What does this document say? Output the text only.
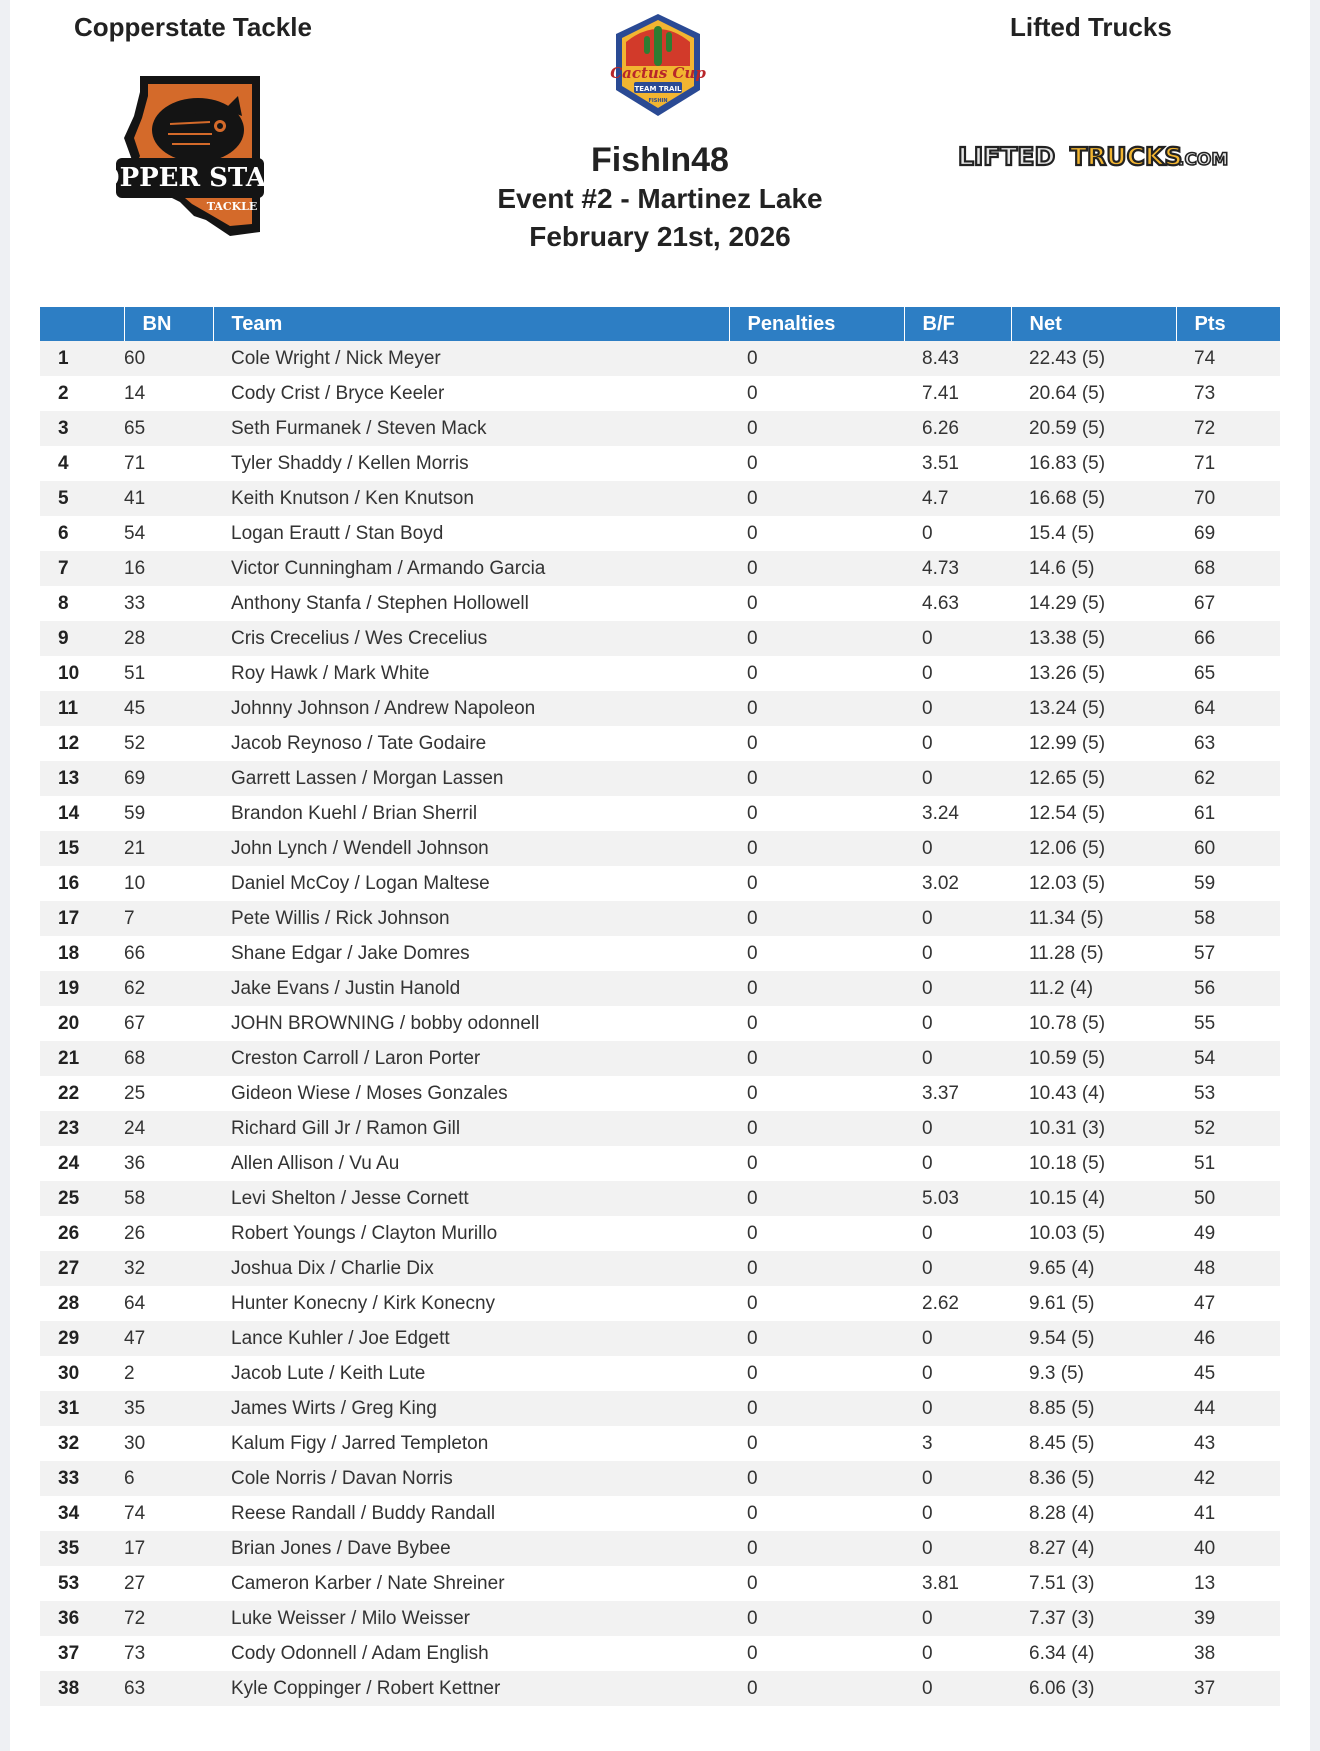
Copperstate Tackle	Lifted Trucks
COPPER STATE
TACKLE
Cactus Cup
TEAM TRAIL
FISHIN
LIFTED TRUCKS
.COM

FishIn48

Event #2 - Martinez Lake

February 21st, 2026

	BN	Team	Penalties	B/F	Net	Pts
1	60	Cole Wright / Nick Meyer	0	8.43	22.43 (5)	74
2	14	Cody Crist / Bryce Keeler	0	7.41	20.64 (5)	73
3	65	Seth Furmanek / Steven Mack	0	6.26	20.59 (5)	72
4	71	Tyler Shaddy / Kellen Morris	0	3.51	16.83 (5)	71
5	41	Keith Knutson / Ken Knutson	0	4.7	16.68 (5)	70
6	54	Logan Erautt / Stan Boyd	0	0	15.4 (5)	69
7	16	Victor Cunningham / Armando Garcia	0	4.73	14.6 (5)	68
8	33	Anthony Stanfa / Stephen Hollowell	0	4.63	14.29 (5)	67
9	28	Cris Crecelius / Wes Crecelius	0	0	13.38 (5)	66
10	51	Roy Hawk / Mark White	0	0	13.26 (5)	65
11	45	Johnny Johnson / Andrew Napoleon	0	0	13.24 (5)	64
12	52	Jacob Reynoso / Tate Godaire	0	0	12.99 (5)	63
13	69	Garrett Lassen / Morgan Lassen	0	0	12.65 (5)	62
14	59	Brandon Kuehl / Brian Sherril	0	3.24	12.54 (5)	61
15	21	John Lynch / Wendell Johnson	0	0	12.06 (5)	60
16	10	Daniel McCoy / Logan Maltese	0	3.02	12.03 (5)	59
17	7	Pete Willis / Rick Johnson	0	0	11.34 (5)	58
18	66	Shane Edgar / Jake Domres	0	0	11.28 (5)	57
19	62	Jake Evans / Justin Hanold	0	0	11.2 (4)	56
20	67	JOHN BROWNING / bobby odonnell	0	0	10.78 (5)	55
21	68	Creston Carroll / Laron Porter	0	0	10.59 (5)	54
22	25	Gideon Wiese / Moses Gonzales	0	3.37	10.43 (4)	53
23	24	Richard Gill Jr / Ramon Gill	0	0	10.31 (3)	52
24	36	Allen Allison / Vu Au	0	0	10.18 (5)	51
25	58	Levi Shelton / Jesse Cornett	0	5.03	10.15 (4)	50
26	26	Robert Youngs / Clayton Murillo	0	0	10.03 (5)	49
27	32	Joshua Dix / Charlie Dix	0	0	9.65 (4)	48
28	64	Hunter Konecny / Kirk Konecny	0	2.62	9.61 (5)	47
29	47	Lance Kuhler / Joe Edgett	0	0	9.54 (5)	46
30	2	Jacob Lute / Keith Lute	0	0	9.3 (5)	45
31	35	James Wirts / Greg King	0	0	8.85 (5)	44
32	30	Kalum Figy / Jarred Templeton	0	3	8.45 (5)	43
33	6	Cole Norris / Davan Norris	0	0	8.36 (5)	42
34	74	Reese Randall / Buddy Randall	0	0	8.28 (4)	41
35	17	Brian Jones / Dave Bybee	0	0	8.27 (4)	40
53	27	Cameron Karber / Nate Shreiner	0	3.81	7.51 (3)	13
36	72	Luke Weisser / Milo Weisser	0	0	7.37 (3)	39
37	73	Cody Odonnell / Adam English	0	0	6.34 (4)	38
38	63	Kyle Coppinger / Robert Kettner	0	0	6.06 (3)	37
